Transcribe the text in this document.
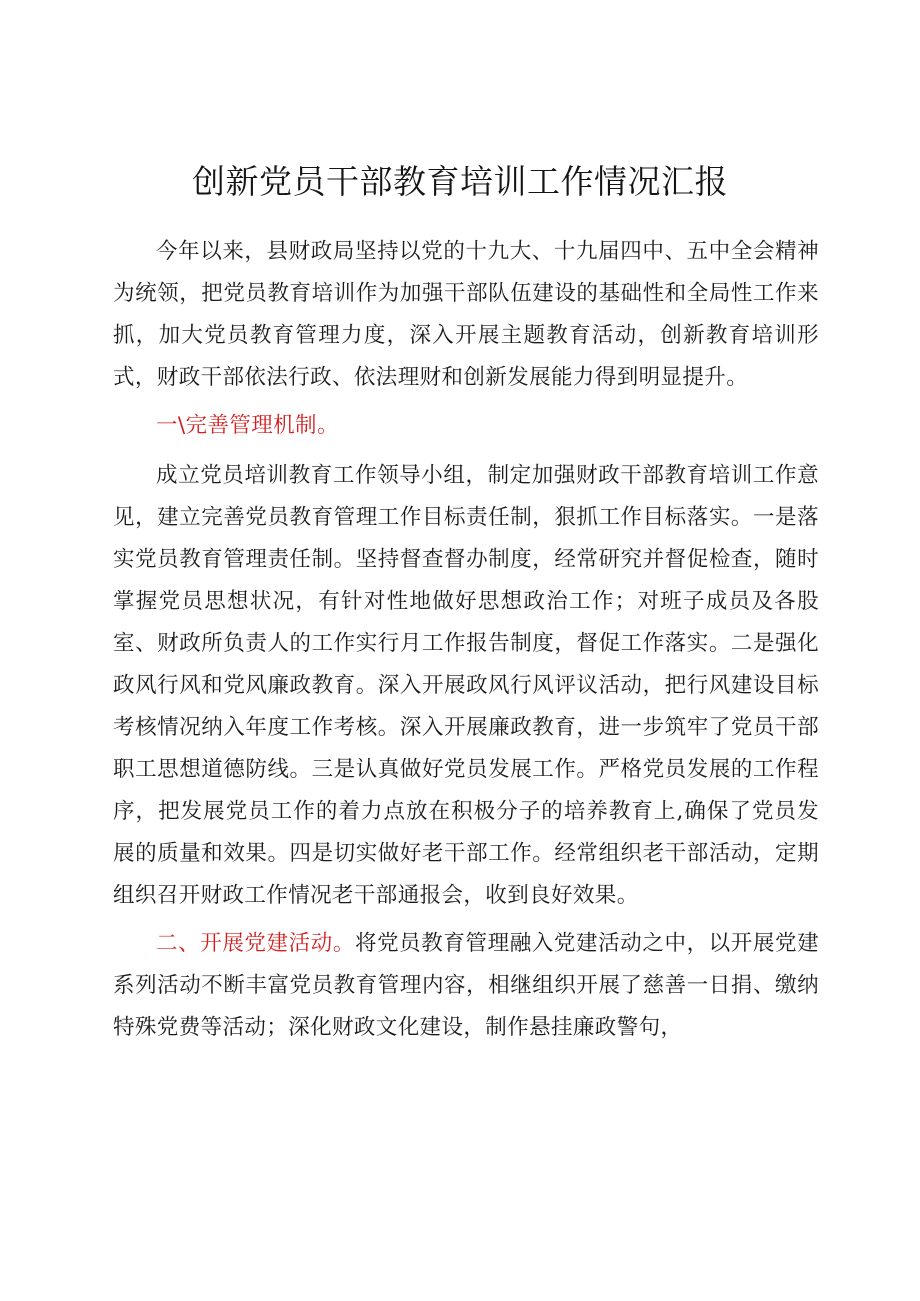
创新党员干部教育培训工作情况汇报

今年以来，县财政局坚持以党的十九大、十九届四中、五中全会精神为统领，把党员教育培训作为加强干部队伍建设的基础性和全局性工作来抓，加大党员教育管理力度，深入开展主题教育活动，创新教育培训形式，财政干部依法行政、依法理财和创新发展能力得到明显提升。

一\完善管理机制。

成立党员培训教育工作领导小组，制定加强财政干部教育培训工作意见，建立完善党员教育管理工作目标责任制，狠抓工作目标落实。一是落实党员教育管理责任制。坚持督查督办制度，经常研究并督促检查，随时掌握党员思想状况，有针对性地做好思想政治工作；对班子成员及各股室、财政所负责人的工作实行月工作报告制度，督促工作落实。二是强化政风行风和党风廉政教育。深入开展政风行风评议活动，把行风建设目标考核情况纳入年度工作考核。深入开展廉政教育，进一步筑牢了党员干部职工思想道德防线。三是认真做好党员发展工作。严格党员发展的工作程序，把发展党员工作的着力点放在积极分子的培养教育上,确保了党员发展的质量和效果。四是切实做好老干部工作。经常组织老干部活动，定期组织召开财政工作情况老干部通报会，收到良好效果。

二、开展党建活动。将党员教育管理融入党建活动之中，以开展党建系列活动不断丰富党员教育管理内容，相继组织开展了慈善一日捐、缴纳特殊党费等活动；深化财政文化建设，制作悬挂廉政警句，
